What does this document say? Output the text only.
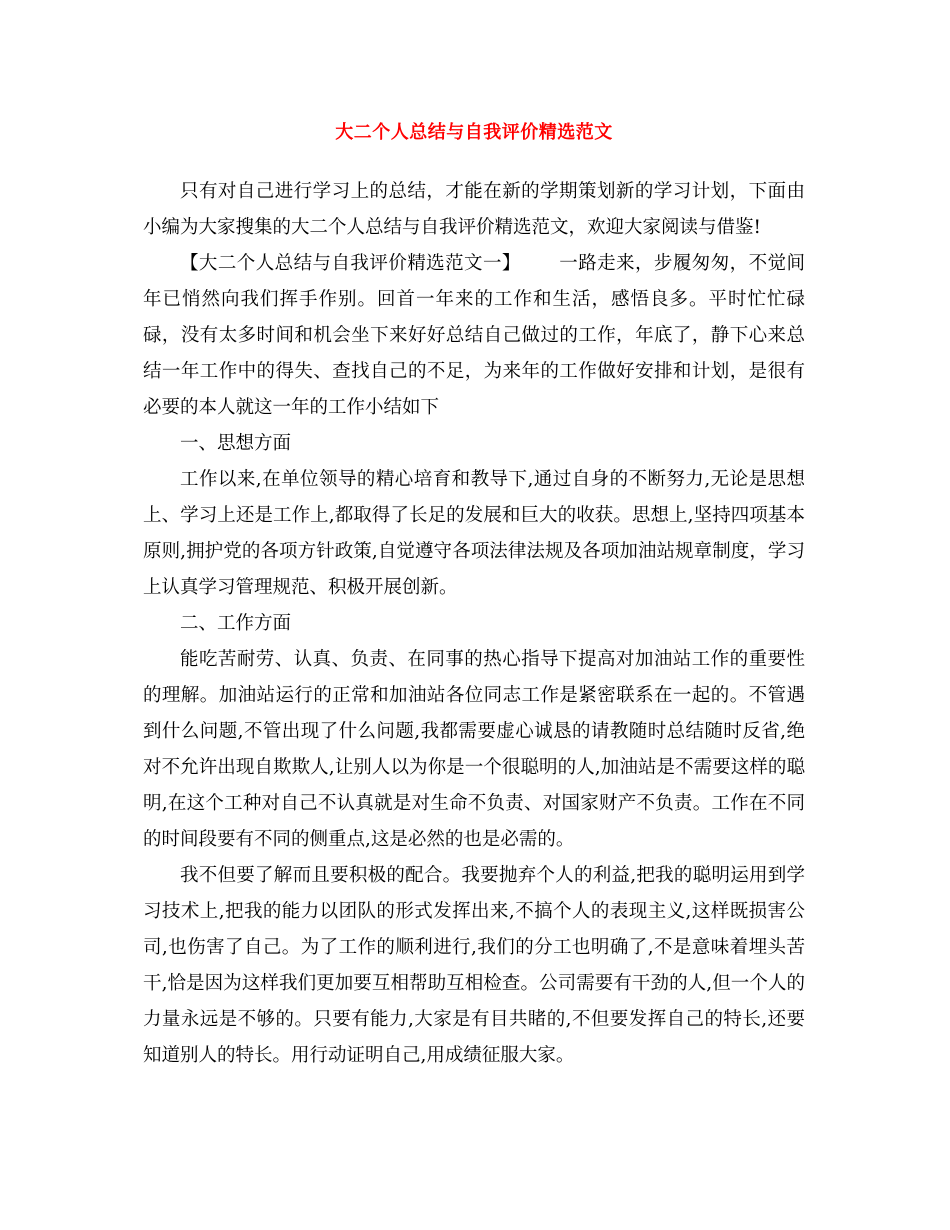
大二个人总结与自我评价精选范文

只有对自己进行学习上的总结，才能在新的学期策划新的学习计划，下面由小编为大家搜集的大二个人总结与自我评价精选范文，欢迎大家阅读与借鉴!

【大二个人总结与自我评价精选范文一】 一路走来，步履匆匆，不觉间年已悄然向我们挥手作别。回首一年来的工作和生活，感悟良多。平时忙忙碌碌，没有太多时间和机会坐下来好好总结自己做过的工作，年底了，静下心来总结一年工作中的得失、查找自己的不足，为来年的工作做好安排和计划，是很有必要的本人就这一年的工作小结如下

一、思想方面

工作以来,在单位领导的精心培育和教导下,通过自身的不断努力,无论是思想上、学习上还是工作上,都取得了长足的发展和巨大的收获。思想上,坚持四项基本原则,拥护党的各项方针政策,自觉遵守各项法律法规及各项加油站规章制度，学习上认真学习管理规范、积极开展创新。

二、工作方面

能吃苦耐劳、认真、负责、在同事的热心指导下提高对加油站工作的重要性的理解。加油站运行的正常和加油站各位同志工作是紧密联系在一起的。不管遇到什么问题,不管出现了什么问题,我都需要虚心诚恳的请教随时总结随时反省,绝对不允许出现自欺欺人,让别人以为你是一个很聪明的人,加油站是不需要这样的聪明,在这个工种对自己不认真就是对生命不负责、对国家财产不负责。工作在不同的时间段要有不同的侧重点,这是必然的也是必需的。

我不但要了解而且要积极的配合。我要抛弃个人的利益,把我的聪明运用到学习技术上,把我的能力以团队的形式发挥出来,不搞个人的表现主义,这样既损害公司,也伤害了自己。为了工作的顺利进行,我们的分工也明确了,不是意味着埋头苦干,恰是因为这样我们更加要互相帮助互相检查。公司需要有干劲的人,但一个人的力量永远是不够的。只要有能力,大家是有目共睹的,不但要发挥自己的特长,还要知道别人的特长。用行动证明自己,用成绩征服大家。
